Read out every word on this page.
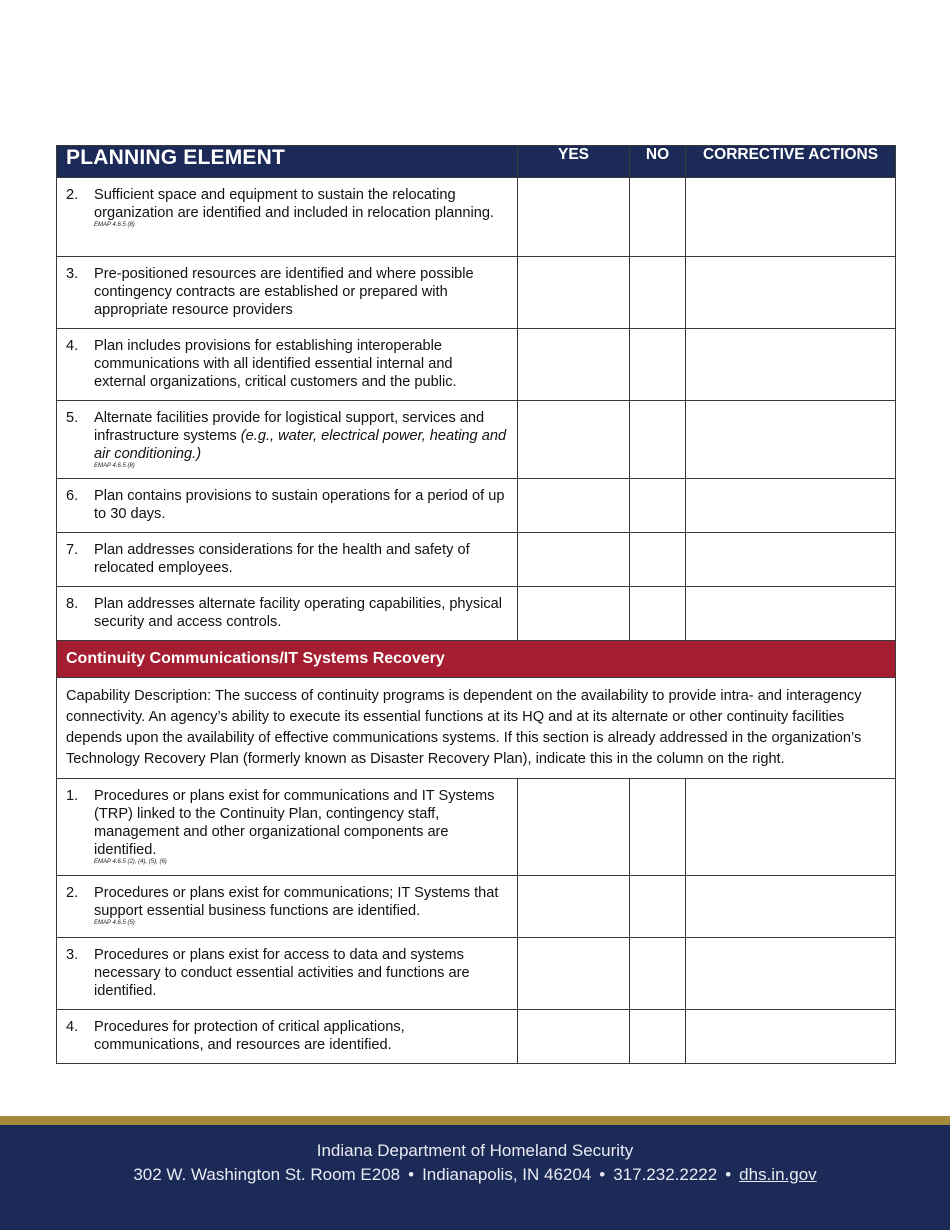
PLANNING ELEMENT	YES	NO	CORRECTIVE ACTIONS

2. Sufficient space and equipment to sustain the relocating organization are identified and included in relocation planning.
EMAP 4.6.5 (8)			

3. Pre-positioned resources are identified and where possible contingency contracts are established or prepared with appropriate resource providers			

4. Plan includes provisions for establishing interoperable communications with all identified essential internal and external organizations, critical customers and the public.			

5. Alternate facilities provide for logistical support, services and infrastructure systems (e.g., water, electrical power, heating and air conditioning.)
EMAP 4.6.5 (8)			

6. Plan contains provisions to sustain operations for a period of up to 30 days.			

7. Plan addresses considerations for the health and safety of relocated employees.			

8. Plan addresses alternate facility operating capabilities, physical security and access controls.			

Continuity Communications/IT Systems Recovery			
Capability Description: The success of continuity programs is dependent on the availability to provide intra- and interagency connectivity. An agency’s ability to execute its essential functions at its HQ and at its alternate or other continuity facilities depends upon the availability of effective communications systems. If this section is already addressed in the organization’s Technology Recovery Plan (formerly known as Disaster Recovery Plan), indicate this in the column on the right.			

1. Procedures or plans exist for communications and IT Systems (TRP) linked to the Continuity Plan, contingency staff, management and other organizational components are identified.
EMAP 4.6.5 (2), (4), (5), (6)			

2. Procedures or plans exist for communications; IT Systems that support essential business functions are identified.
EMAP 4.6.5 (5)			

3. Procedures or plans exist for access to data and systems necessary to conduct essential activities and functions are identified.			

4. Procedures for protection of critical applications, communications, and resources are identified.			

Indiana Department of Homeland Security
302 W. Washington St. Room E208 • Indianapolis, IN 46204 • 317.232.2222 • dhs.in.gov
